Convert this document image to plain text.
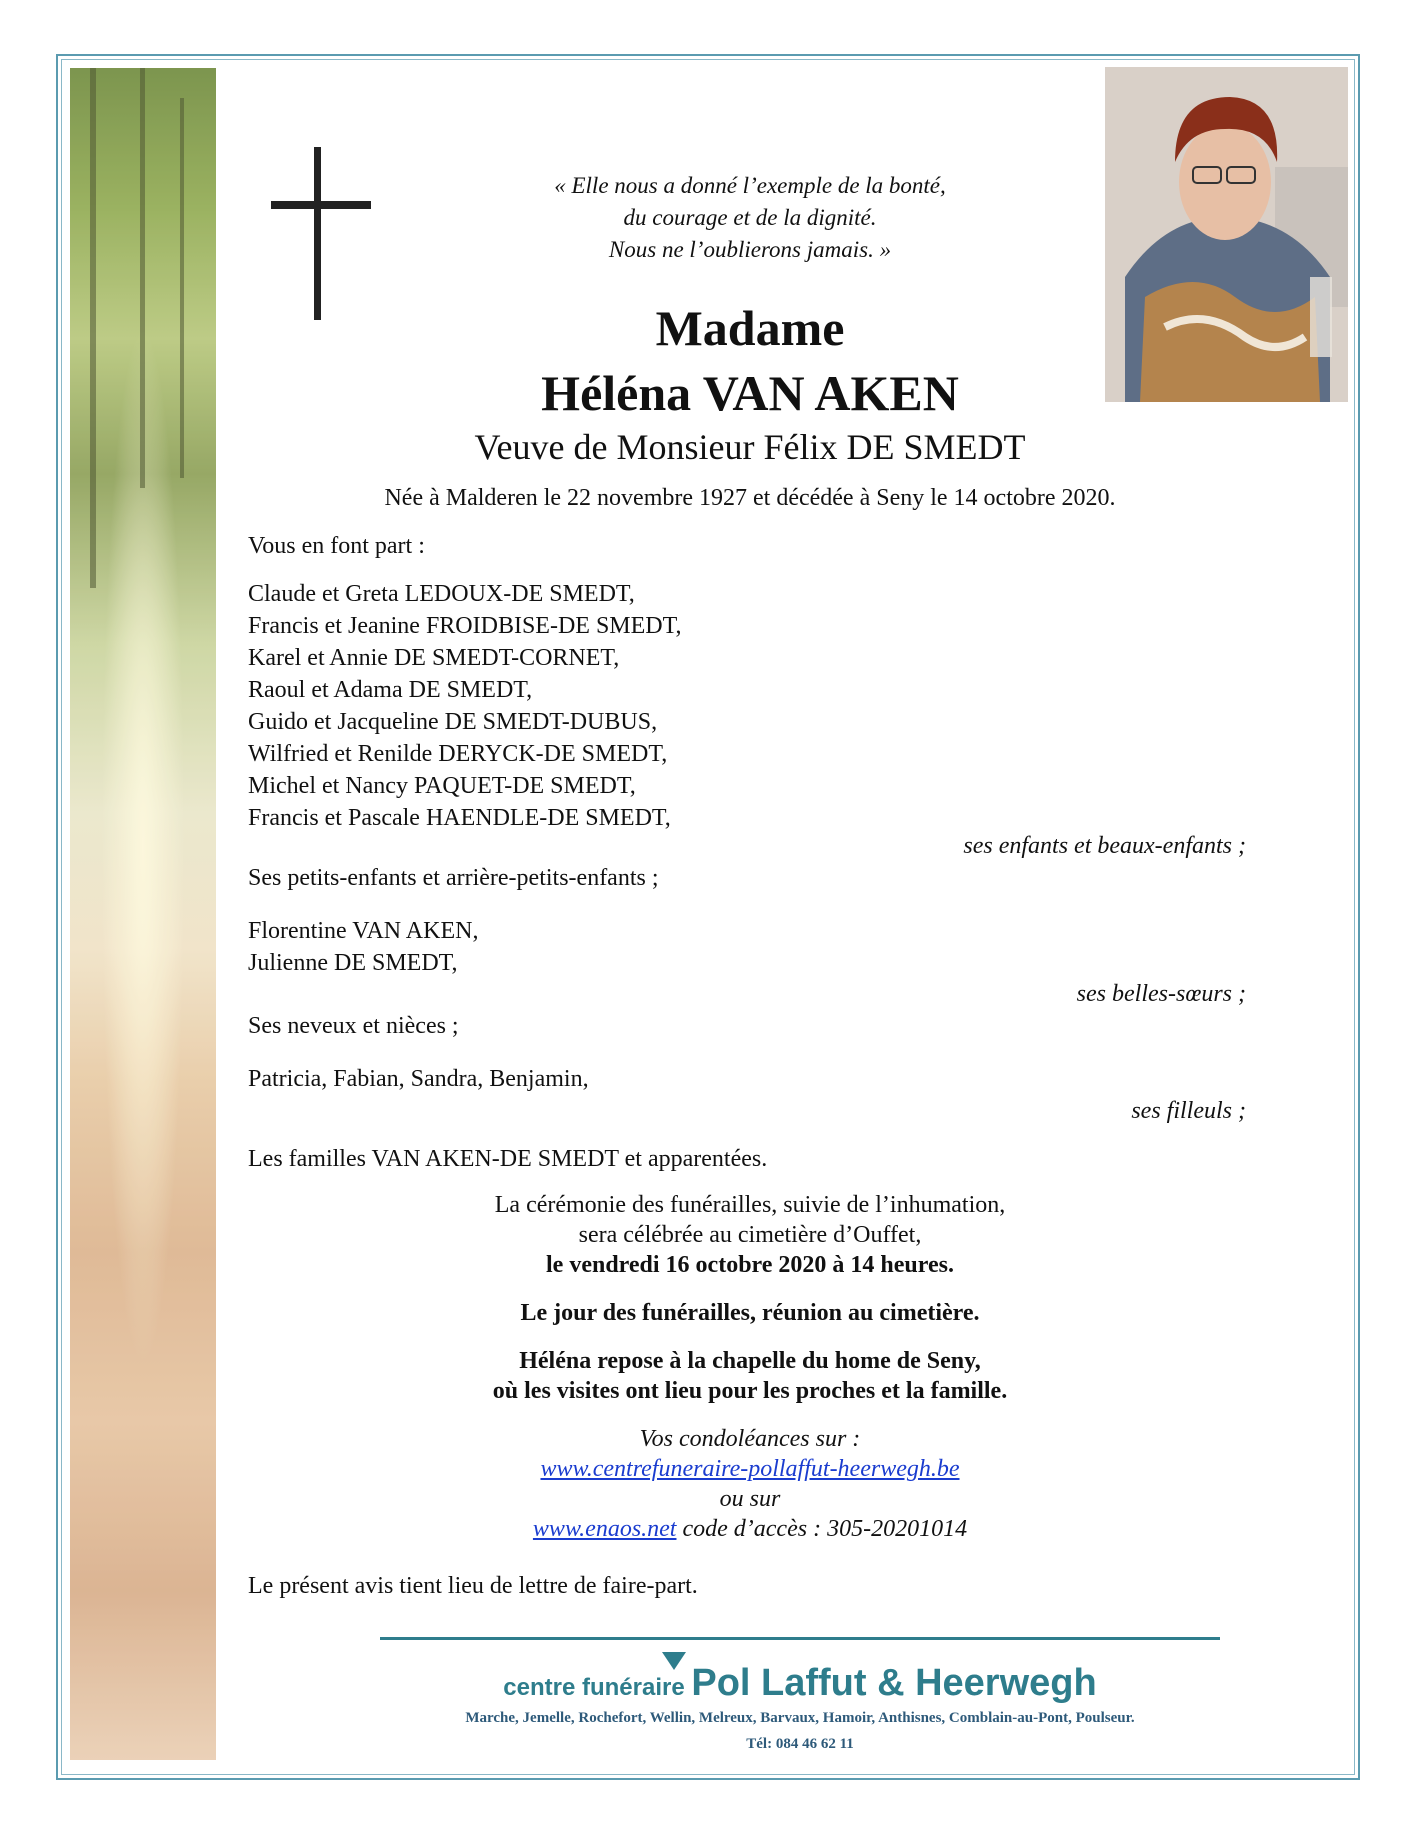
« Elle nous a donné l’exemple de la bonté,
du courage et de la dignité.
Nous ne l’oublierons jamais. »
Madame
Héléna VAN AKEN
Veuve de Monsieur Félix DE SMEDT
Née à Malderen le 22 novembre 1927 et décédée à Seny le 14 octobre 2020.
Vous en font part :
Claude et Greta LEDOUX-DE SMEDT,
Francis et Jeanine FROIDBISE-DE SMEDT,
Karel et Annie DE SMEDT-CORNET,
Raoul et Adama DE SMEDT,
Guido et Jacqueline DE SMEDT-DUBUS,
Wilfried et Renilde DERYCK-DE SMEDT,
Michel et Nancy PAQUET-DE SMEDT,
Francis et Pascale HAENDLE-DE SMEDT,
ses enfants et beaux-enfants ;
Ses petits-enfants et arrière-petits-enfants ;
Florentine VAN AKEN,
Julienne DE SMEDT,
ses belles-sœurs ;
Ses neveux et nièces ;
Patricia, Fabian, Sandra, Benjamin,
ses filleuls ;
Les familles VAN AKEN-DE SMEDT et apparentées.
La cérémonie des funérailles, suivie de l’inhumation,
sera célébrée au cimetière d’Ouffet,
le vendredi 16 octobre 2020 à 14 heures.
Le jour des funérailles, réunion au cimetière.
Héléna repose à la chapelle du home de Seny,
où les visites ont lieu pour les proches et la famille.
Vos condoléances sur :
www.centrefuneraire-pollaffut-heerwegh.be
ou sur
www.enaos.net code d’accès : 305-20201014
Le présent avis tient lieu de lettre de faire-part.
centre funéraire Pol Laffut & Heerwegh
Marche, Jemelle, Rochefort, Wellin, Melreux, Barvaux, Hamoir, Anthisnes, Comblain-au-Pont, Poulseur.
Tél: 084 46 62 11
